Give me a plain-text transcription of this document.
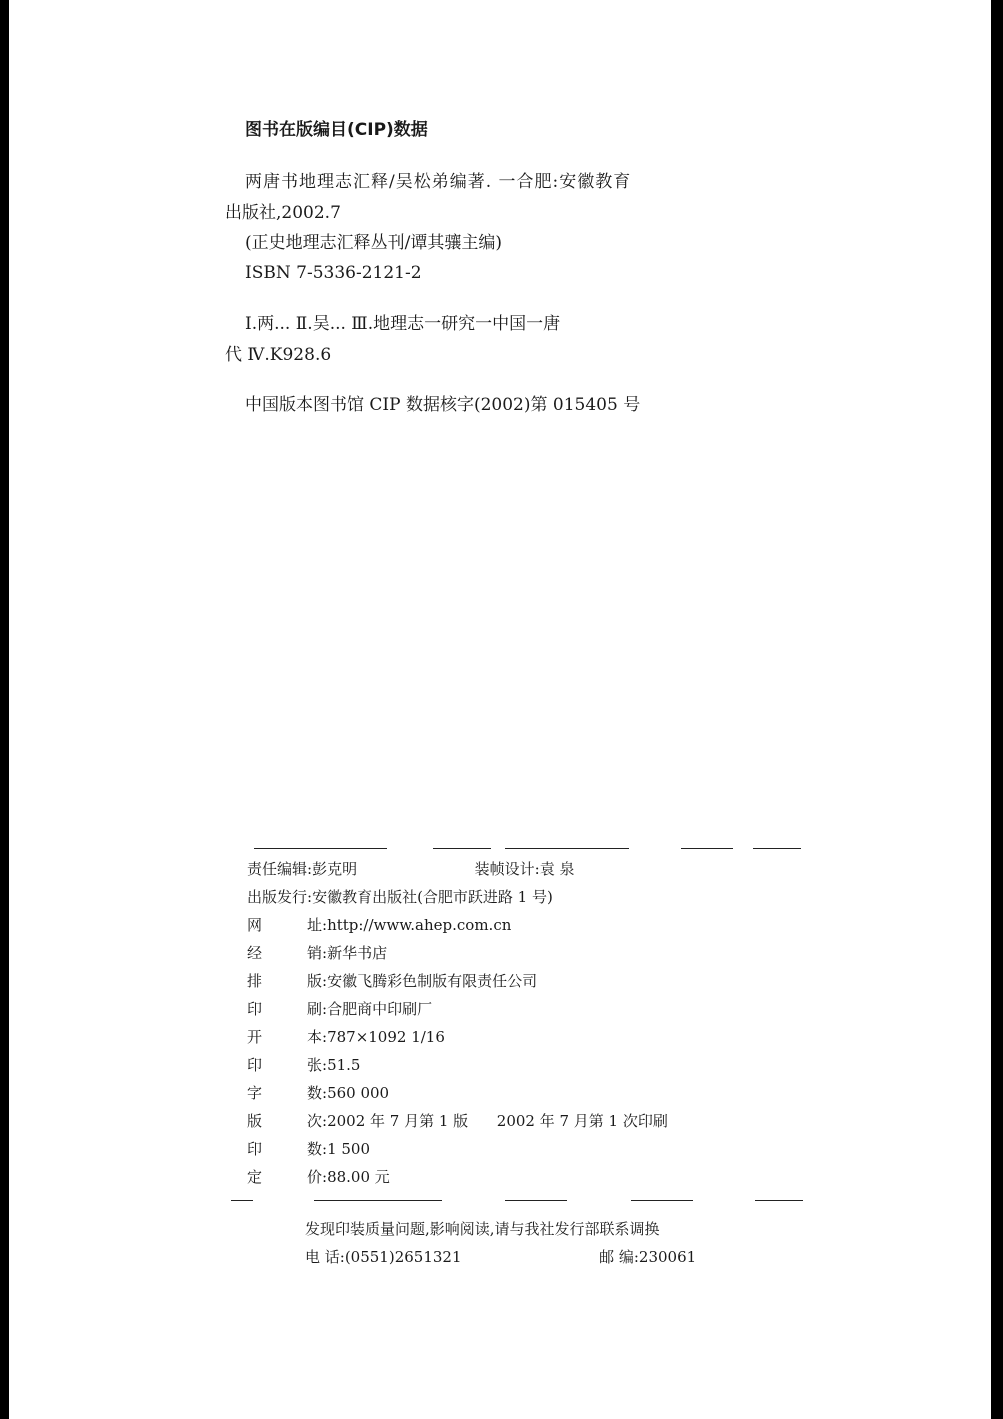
图书在版编目(CIP)数据
两唐书地理志汇释/吴松弟编著. 一合肥:安徽教育
出版社,2002.7
(正史地理志汇释丛刊/谭其骧主编)
ISBN 7-5336-2121-2
Ⅰ.两... Ⅱ.吴... Ⅲ.地理志一研究一中国一唐
代 Ⅳ.K928.6
中国版本图书馆 CIP 数据核字(2002)第 015405 号
责任编辑:彭克明	装帧设计:袁 泉
出版发行:安徽教育出版社(合肥市跃进路 1 号)
网	址:http://www.ahep.com.cn
经	销:新华书店
排	版:安徽飞腾彩色制版有限责任公司
印	刷:合肥商中印刷厂
开	本:787×1092 1/16
印	张:51.5
字	数:560 000
版	次:2002 年 7 月第 1 版      2002 年 7 月第 1 次印刷
印	数:1 500
定	价:88.00 元
发现印装质量问题,影响阅读,请与我社发行部联系调换
电 话:(0551)2651321	邮 编:230061
